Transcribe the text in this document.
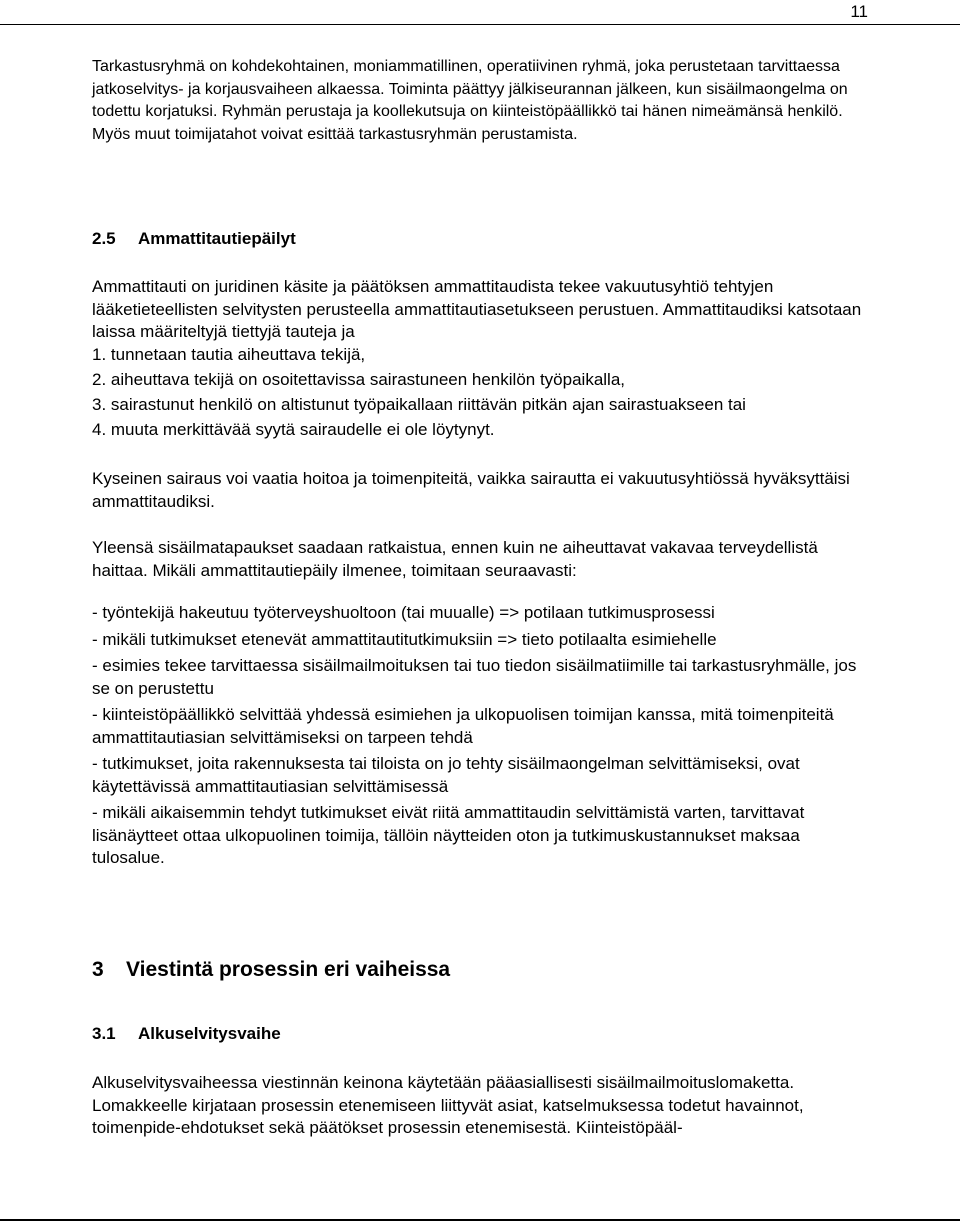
11

Tarkastusryhmä on kohdekohtainen, moniammatillinen, operatiivinen ryhmä, joka perustetaan tarvittaessa jatkoselvitys- ja korjausvaiheen alkaessa. Toiminta päättyy jälkiseurannan jälkeen, kun sisäilmaongelma on todettu korjatuksi. Ryhmän perustaja ja koollekutsuja on kiinteistöpäällikkö tai hänen nimeämänsä henkilö. Myös muut toimijatahot voivat esittää tarkastusryhmän perustamista.

2.5 Ammattitautiepäilyt

Ammattitauti on juridinen käsite ja päätöksen ammattitaudista tekee vakuutusyhtiö tehtyjen lääketieteellisten selvitysten perusteella ammattitautiasetukseen perustuen. Ammattitaudiksi katsotaan laissa määriteltyjä tiettyjä tauteja ja

1. tunnetaan tautia aiheuttava tekijä,
2. aiheuttava tekijä on osoitettavissa sairastuneen henkilön työpaikalla,
3. sairastunut henkilö on altistunut työpaikallaan riittävän pitkän ajan sairastuakseen tai
4. muuta merkittävää syytä sairaudelle ei ole löytynyt.

Kyseinen sairaus voi vaatia hoitoa ja toimenpiteitä, vaikka sairautta ei vakuutusyhtiössä hyväksyttäisi ammattitaudiksi.

Yleensä sisäilmatapaukset saadaan ratkaistua, ennen kuin ne aiheuttavat vakavaa terveydellistä haittaa. Mikäli ammattitautiepäily ilmenee, toimitaan seuraavasti:

- työntekijä hakeutuu työterveyshuoltoon (tai muualle) => potilaan tutkimusprosessi
- mikäli tutkimukset etenevät ammattitautitutkimuksiin => tieto potilaalta esimiehelle
- esimies tekee tarvittaessa sisäilmailmoituksen tai tuo tiedon sisäilmatiimille tai tarkastusryhmälle, jos se on perustettu
- kiinteistöpäällikkö selvittää yhdessä esimiehen ja ulkopuolisen toimijan kanssa, mitä toimenpiteitä ammattitautiasian selvittämiseksi on tarpeen tehdä
- tutkimukset, joita rakennuksesta tai tiloista on jo tehty sisäilmaongelman selvittämiseksi, ovat käytettävissä ammattitautiasian selvittämisessä
- mikäli aikaisemmin tehdyt tutkimukset eivät riitä ammattitaudin selvittämistä varten, tarvittavat lisänäytteet ottaa ulkopuolinen toimija, tällöin näytteiden oton ja tutkimuskustannukset maksaa tulosalue.
3 Viestintä prosessin eri vaiheissa
3.1 Alkuselvitysvaihe

Alkuselvitysvaiheessa viestinnän keinona käytetään pääasiallisesti sisäilmailmoituslomaketta. Lomakkeelle kirjataan prosessin etenemiseen liittyvät asiat, katselmuksessa todetut havainnot, toimenpide-ehdotukset sekä päätökset prosessin etenemisestä. Kiinteistöpääl-
